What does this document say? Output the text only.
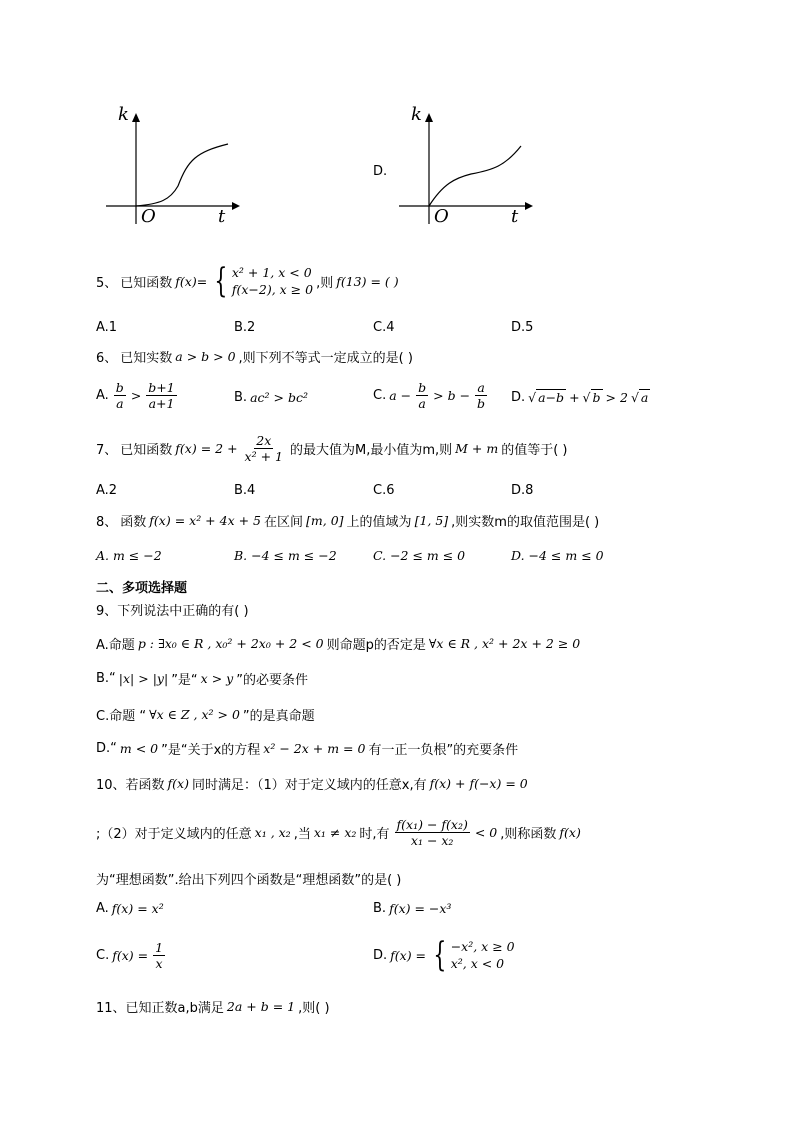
k
t
O
D.
k
t
O
5、 已知函数 f(x)= { x² + 1, x < 0
f(x−2), x ≥ 0 ,则 f(13) = ( )
A.1	B.2	C.4	D.5
6、 已知实数 a > b > 0 ,则下列不等式一定成立的是( )
A. $\frac{b}{a} > \frac{b+1}{a+1}$	B. ac² > bc²	C. $a - \frac{b}{a} > b - \frac{a}{b} D$. √ a−b + √ b > 2 √ a
7、 已知函数 $f(x) = 2 + \frac{2x}{\text{x² + 1}}$ 的最大值为M,最小值为m,则 M + m 的值等于( )
A.2	B.4	C.6	D.8
8、 函数 f(x) = x² + 4x + 5 在区间 [m, 0] 上的值域为 [1, 5] ,则实数m的取值范围是( )
A. m ≤ −2	B. −4 ≤ m ≤ −2	C. −2 ≤ m ≤ 0	D. −4 ≤ m ≤ 0
二、多项选择题
9、下列说法中正确的有( )
A.命题 p : ∃x₀ ∈ R , x₀² + 2x₀ + 2 < 0 则命题p的否定是 ∀x ∈ R , x² + 2x + 2 ≥ 0
B.“ |x| > |y| ”是“ x > y ”的必要条件
C.命题 “ ∀x ∈ Z , x² > 0 ”的是真命题
D.“ m < 0 ”是“关于x的方程 x² − 2x + m = 0 有一正一负根”的充要条件
10、若函数 f(x) 同时满足：（1）对于定义域内的任意x,有 f(x) + f(−x) = 0
;（2）对于定义域内的任意 x₁ , x₂ ,当 x₁ ≠ x₂ 时,有 $\frac{\text{f(x₁) − f(x₂)}}{\text{x₁ − x₂}} < 0$ ,则称函数 f(x)
为“理想函数”.给出下列四个函数是“理想函数”的是( )
A. f(x) = x²	B. f(x) = −x³
C. $f(x) = \frac{1}{x}$	D. f(x) = { −x², x ≥ 0
x², x < 0
11、已知正数a,b满足 2a + b = 1 ,则( )
